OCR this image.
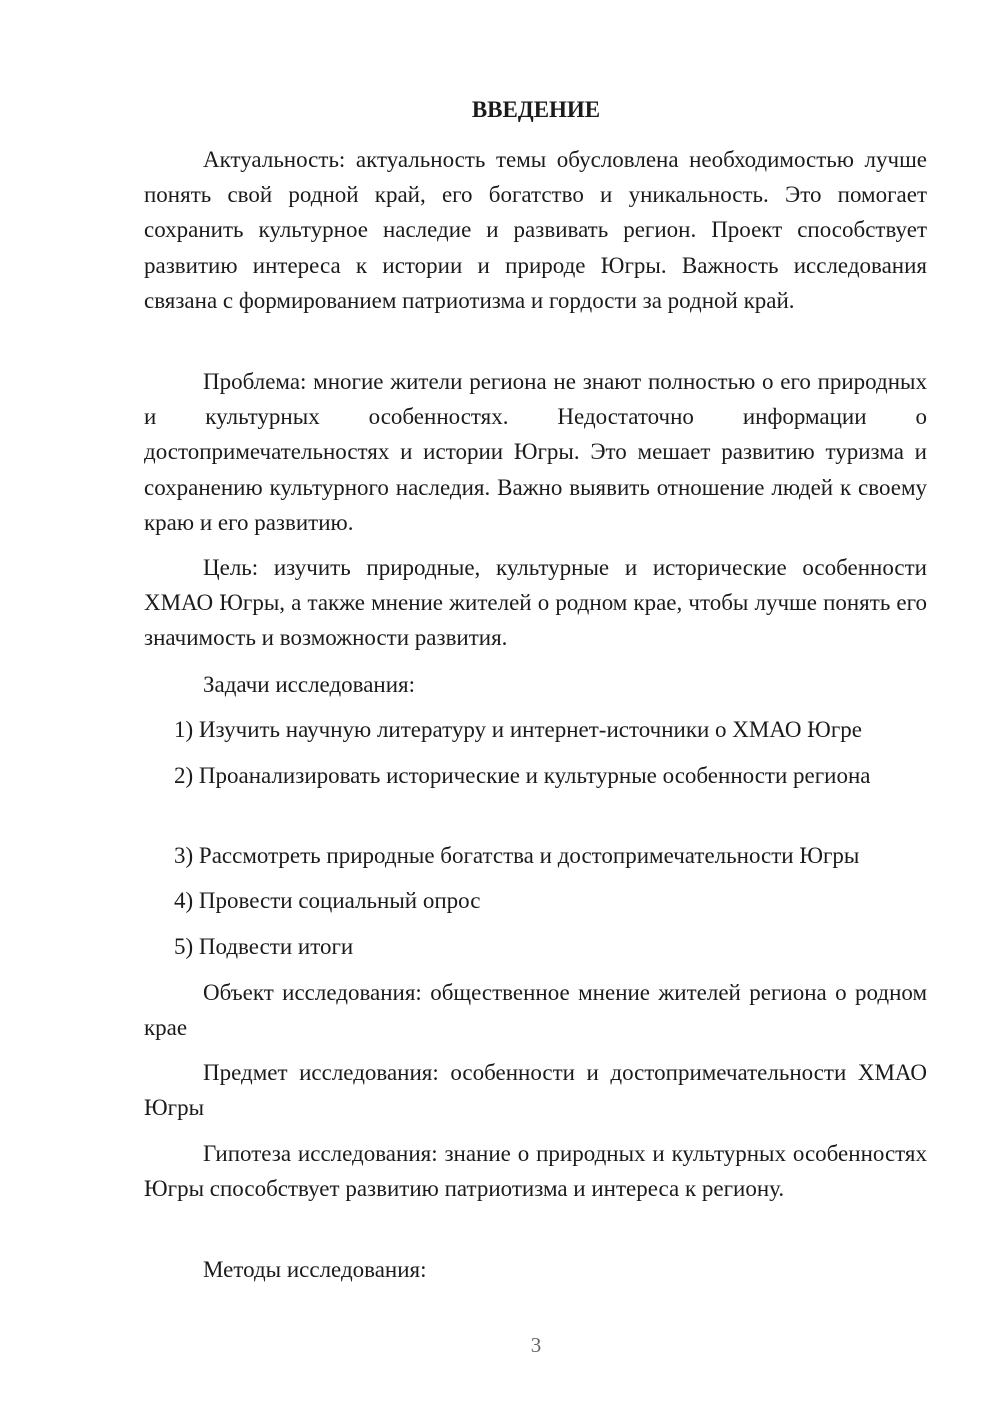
ВВЕДЕНИЕ

Актуальность: актуальность темы обусловлена необходимостью лучше понять свой родной край, его богатство и уникальность. Это помогает сохранить культурное наследие и развивать регион. Проект способствует развитию интереса к истории и природе Югры. Важность исследования связана с формированием патриотизма и гордости за родной край.

Проблема: многие жители региона не знают полностью о его природных и культурных особенностях. Недостаточно информации о достопримечательностях и истории Югры. Это мешает развитию туризма и сохранению культурного наследия. Важно выявить отношение людей к своему краю и его развитию.

Цель: изучить природные, культурные и исторические особенности ХМАО Югры, а также мнение жителей о родном крае, чтобы лучше понять его значимость и возможности развития.

Задачи исследования:

1) Изучить научную литературу и интернет-источники о ХМАО Югре

2) Проанализировать исторические и культурные особенности региона

3) Рассмотреть природные богатства и достопримечательности Югры

4) Провести социальный опрос

5) Подвести итоги

Объект исследования: общественное мнение жителей региона о родном крае

Предмет исследования: особенности и достопримечательности ХМАО Югры

Гипотеза исследования: знание о природных и культурных особенностях Югры способствует развитию патриотизма и интереса к региону.

Методы исследования:

3
